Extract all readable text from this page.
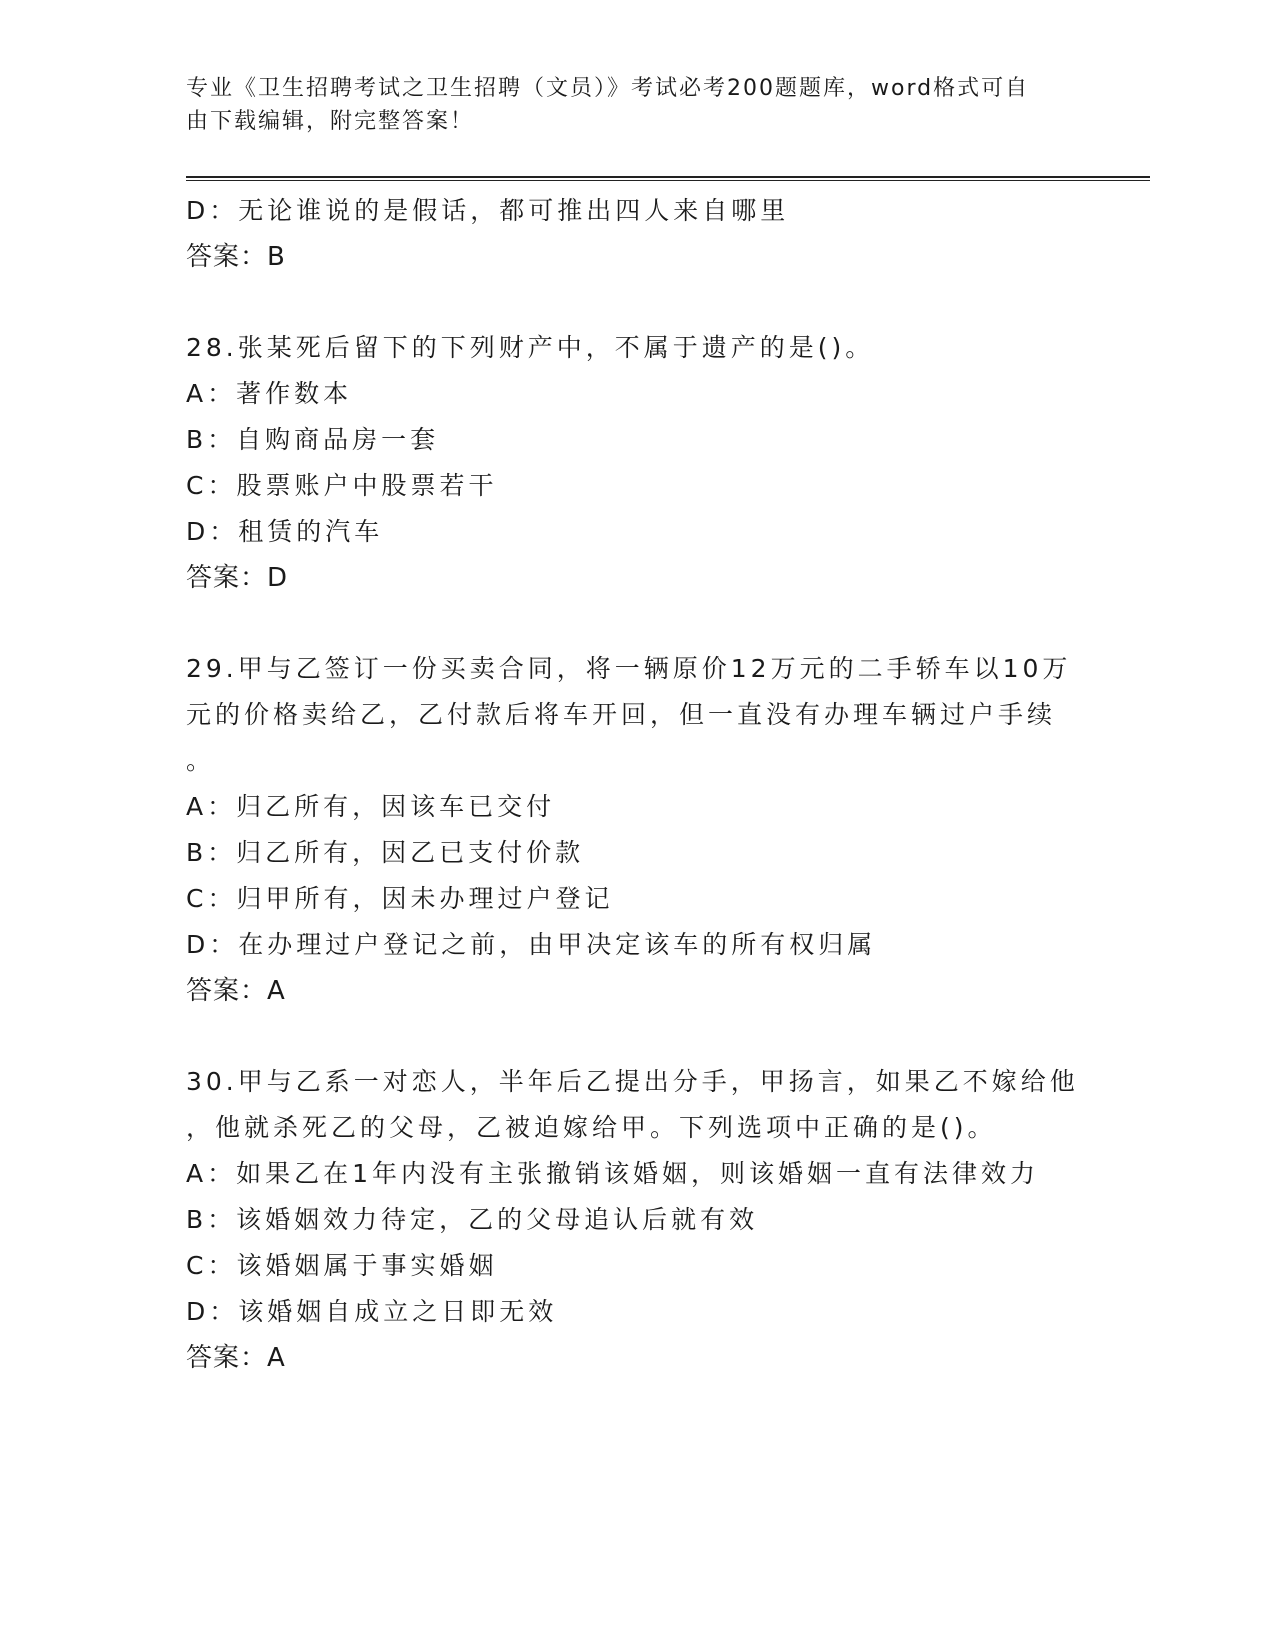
专业《卫生招聘考试之卫生招聘（文员）》考试必考200题题库，word格式可自
由下载编辑，附完整答案！
D：无论谁说的是假话，都可推出四人来自哪里
答案：B
28.张某死后留下的下列财产中，不属于遗产的是()。
A：著作数本
B：自购商品房一套
C：股票账户中股票若干
D：租赁的汽车
答案：D
29.甲与乙签订一份买卖合同，将一辆原价12万元的二手轿车以10万
元的价格卖给乙，乙付款后将车开回，但一直没有办理车辆过户手续
。
A：归乙所有，因该车已交付
B：归乙所有，因乙已支付价款
C：归甲所有，因未办理过户登记
D：在办理过户登记之前，由甲决定该车的所有权归属
答案：A
30.甲与乙系一对恋人，半年后乙提出分手，甲扬言，如果乙不嫁给他
，他就杀死乙的父母，乙被迫嫁给甲。下列选项中正确的是()。
A：如果乙在1年内没有主张撤销该婚姻，则该婚姻一直有法律效力
B：该婚姻效力待定，乙的父母追认后就有效
C：该婚姻属于事实婚姻
D：该婚姻自成立之日即无效
答案：A
